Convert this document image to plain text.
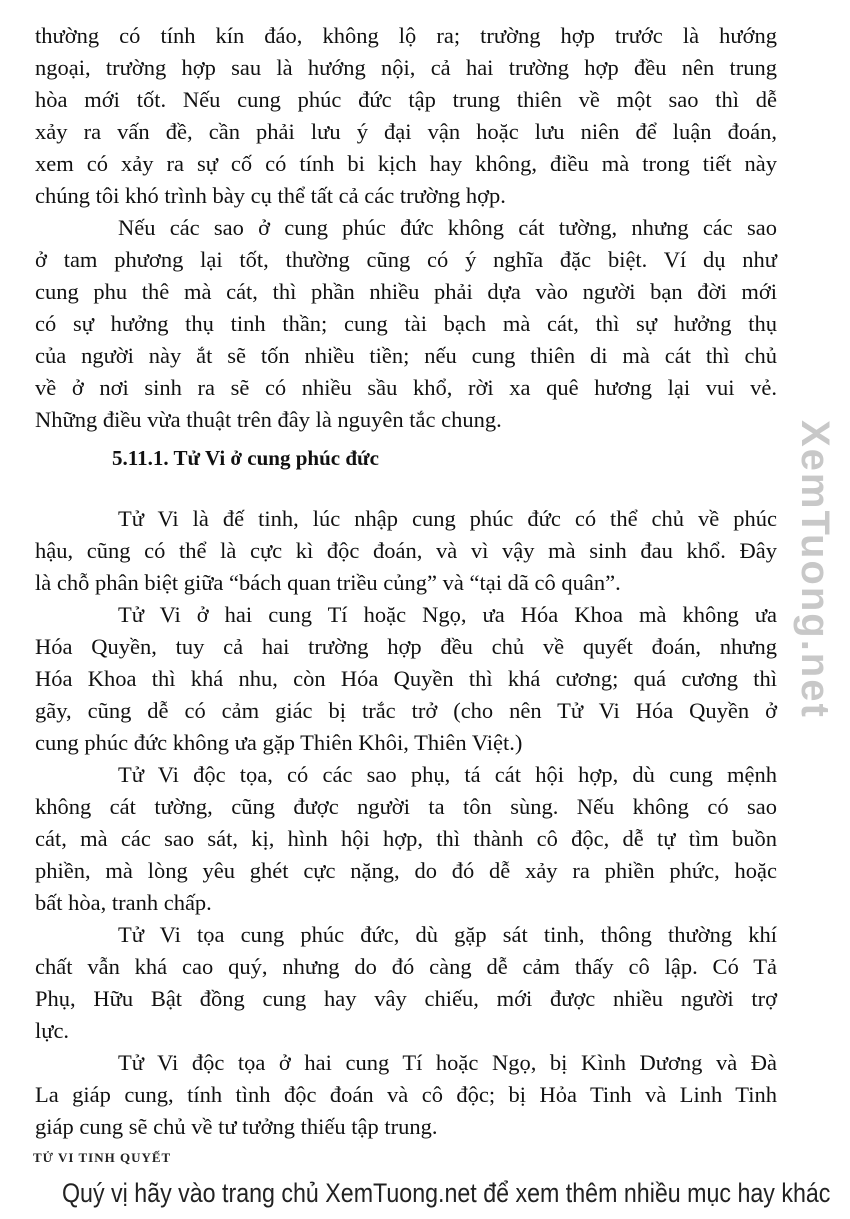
XemTuong.net
thường có tính kín đáo, không lộ ra; trường hợp trước là hướng
ngoại, trường hợp sau là hướng nội, cả hai trường hợp đều nên trung
hòa mới tốt. Nếu cung phúc đức tập trung thiên về một sao thì dễ
xảy ra vấn đề, cần phải lưu ý đại vận hoặc lưu niên để luận đoán,
xem có xảy ra sự cố có tính bi kịch hay không, điều mà trong tiết này
chúng tôi khó trình bày cụ thể tất cả các trường hợp.
Nếu các sao ở cung phúc đức không cát tường, nhưng các sao
ở tam phương lại tốt, thường cũng có ý nghĩa đặc biệt. Ví dụ như
cung phu thê mà cát, thì phần nhiều phải dựa vào người bạn đời mới
có sự hưởng thụ tinh thần; cung tài bạch mà cát, thì sự hưởng thụ
của người này ắt sẽ tốn nhiều tiền; nếu cung thiên di mà cát thì chủ
về ở nơi sinh ra sẽ có nhiều sầu khổ, rời xa quê hương lại vui vẻ.
Những điều vừa thuật trên đây là nguyên tắc chung.
5.11.1. Tử Vi ở cung phúc đức
Tử Vi là đế tinh, lúc nhập cung phúc đức có thể chủ về phúc
hậu, cũng có thể là cực kì độc đoán, và vì vậy mà sinh đau khổ. Đây
là chỗ phân biệt giữa “bách quan triều củng” và “tại dã cô quân”.
Tử Vi ở hai cung Tí hoặc Ngọ, ưa Hóa Khoa mà không ưa
Hóa Quyền, tuy cả hai trường hợp đều chủ về quyết đoán, nhưng
Hóa Khoa thì khá nhu, còn Hóa Quyền thì khá cương; quá cương thì
gãy, cũng dễ có cảm giác bị trắc trở (cho nên Tử Vi Hóa Quyền ở
cung phúc đức không ưa gặp Thiên Khôi, Thiên Việt.)
Tử Vi độc tọa, có các sao phụ, tá cát hội hợp, dù cung mệnh
không cát tường, cũng được người ta tôn sùng. Nếu không có sao
cát, mà các sao sát, kị, hình hội hợp, thì thành cô độc, dễ tự tìm buồn
phiền, mà lòng yêu ghét cực nặng, do đó dễ xảy ra phiền phức, hoặc
bất hòa, tranh chấp.
Tử Vi tọa cung phúc đức, dù gặp sát tinh, thông thường khí
chất vẫn khá cao quý, nhưng do đó càng dễ cảm thấy cô lập. Có Tả
Phụ, Hữu Bật đồng cung hay vây chiếu, mới được nhiều người trợ
lực.
Tử Vi độc tọa ở hai cung Tí hoặc Ngọ, bị Kình Dương và Đà
La giáp cung, tính tình độc đoán và cô độc; bị Hỏa Tinh và Linh Tinh
giáp cung sẽ chủ về tư tưởng thiếu tập trung.
TỬ VI TINH QUYẾT
Quý vị hãy vào trang chủ XemTuong.net để xem thêm nhiều mục hay khác
